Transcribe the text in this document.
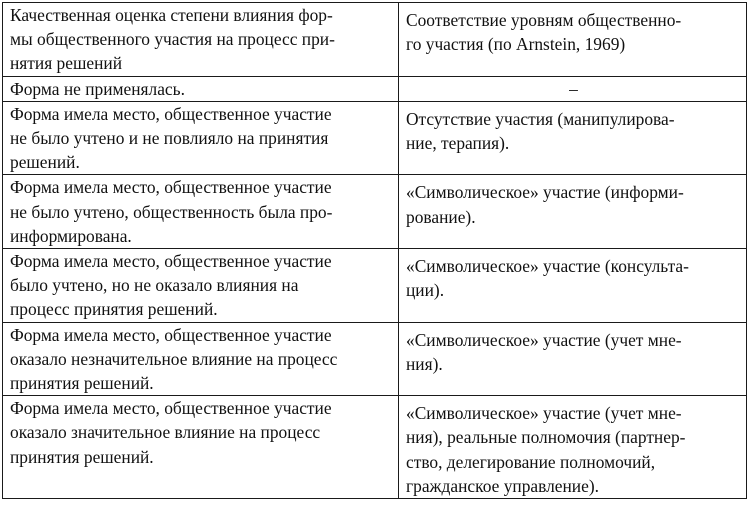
Качественная оценка степени влияния фор-
мы общественного участия на процесс при-
нятия решений	Соответствие уровням общественно-
го участия (по Arnstein, 1969)

Форма не применялась.	–

Форма имела место, общественное участие
не было учтено и не повлияло на принятия
решений.	Отсутствие участия (манипулирова-
ние, терапия).

Форма имела место, общественное участие
не было учтено, общественность была про-
информирована.	«Символическое» участие (информи-
рование).

Форма имела место, общественное участие
было учтено, но не оказало влияния на
процесс принятия решений.	«Символическое» участие (консульта-
ции).

Форма имела место, общественное участие
оказало незначительное влияние на процесс
принятия решений.	«Символическое» участие (учет мне-
ния).

Форма имела место, общественное участие
оказало значительное влияние на процесс
принятия решений.	«Символическое» участие (учет мне-
ния), реальные полномочия (партнер-
ство, делегирование полномочий,
гражданское управление).
